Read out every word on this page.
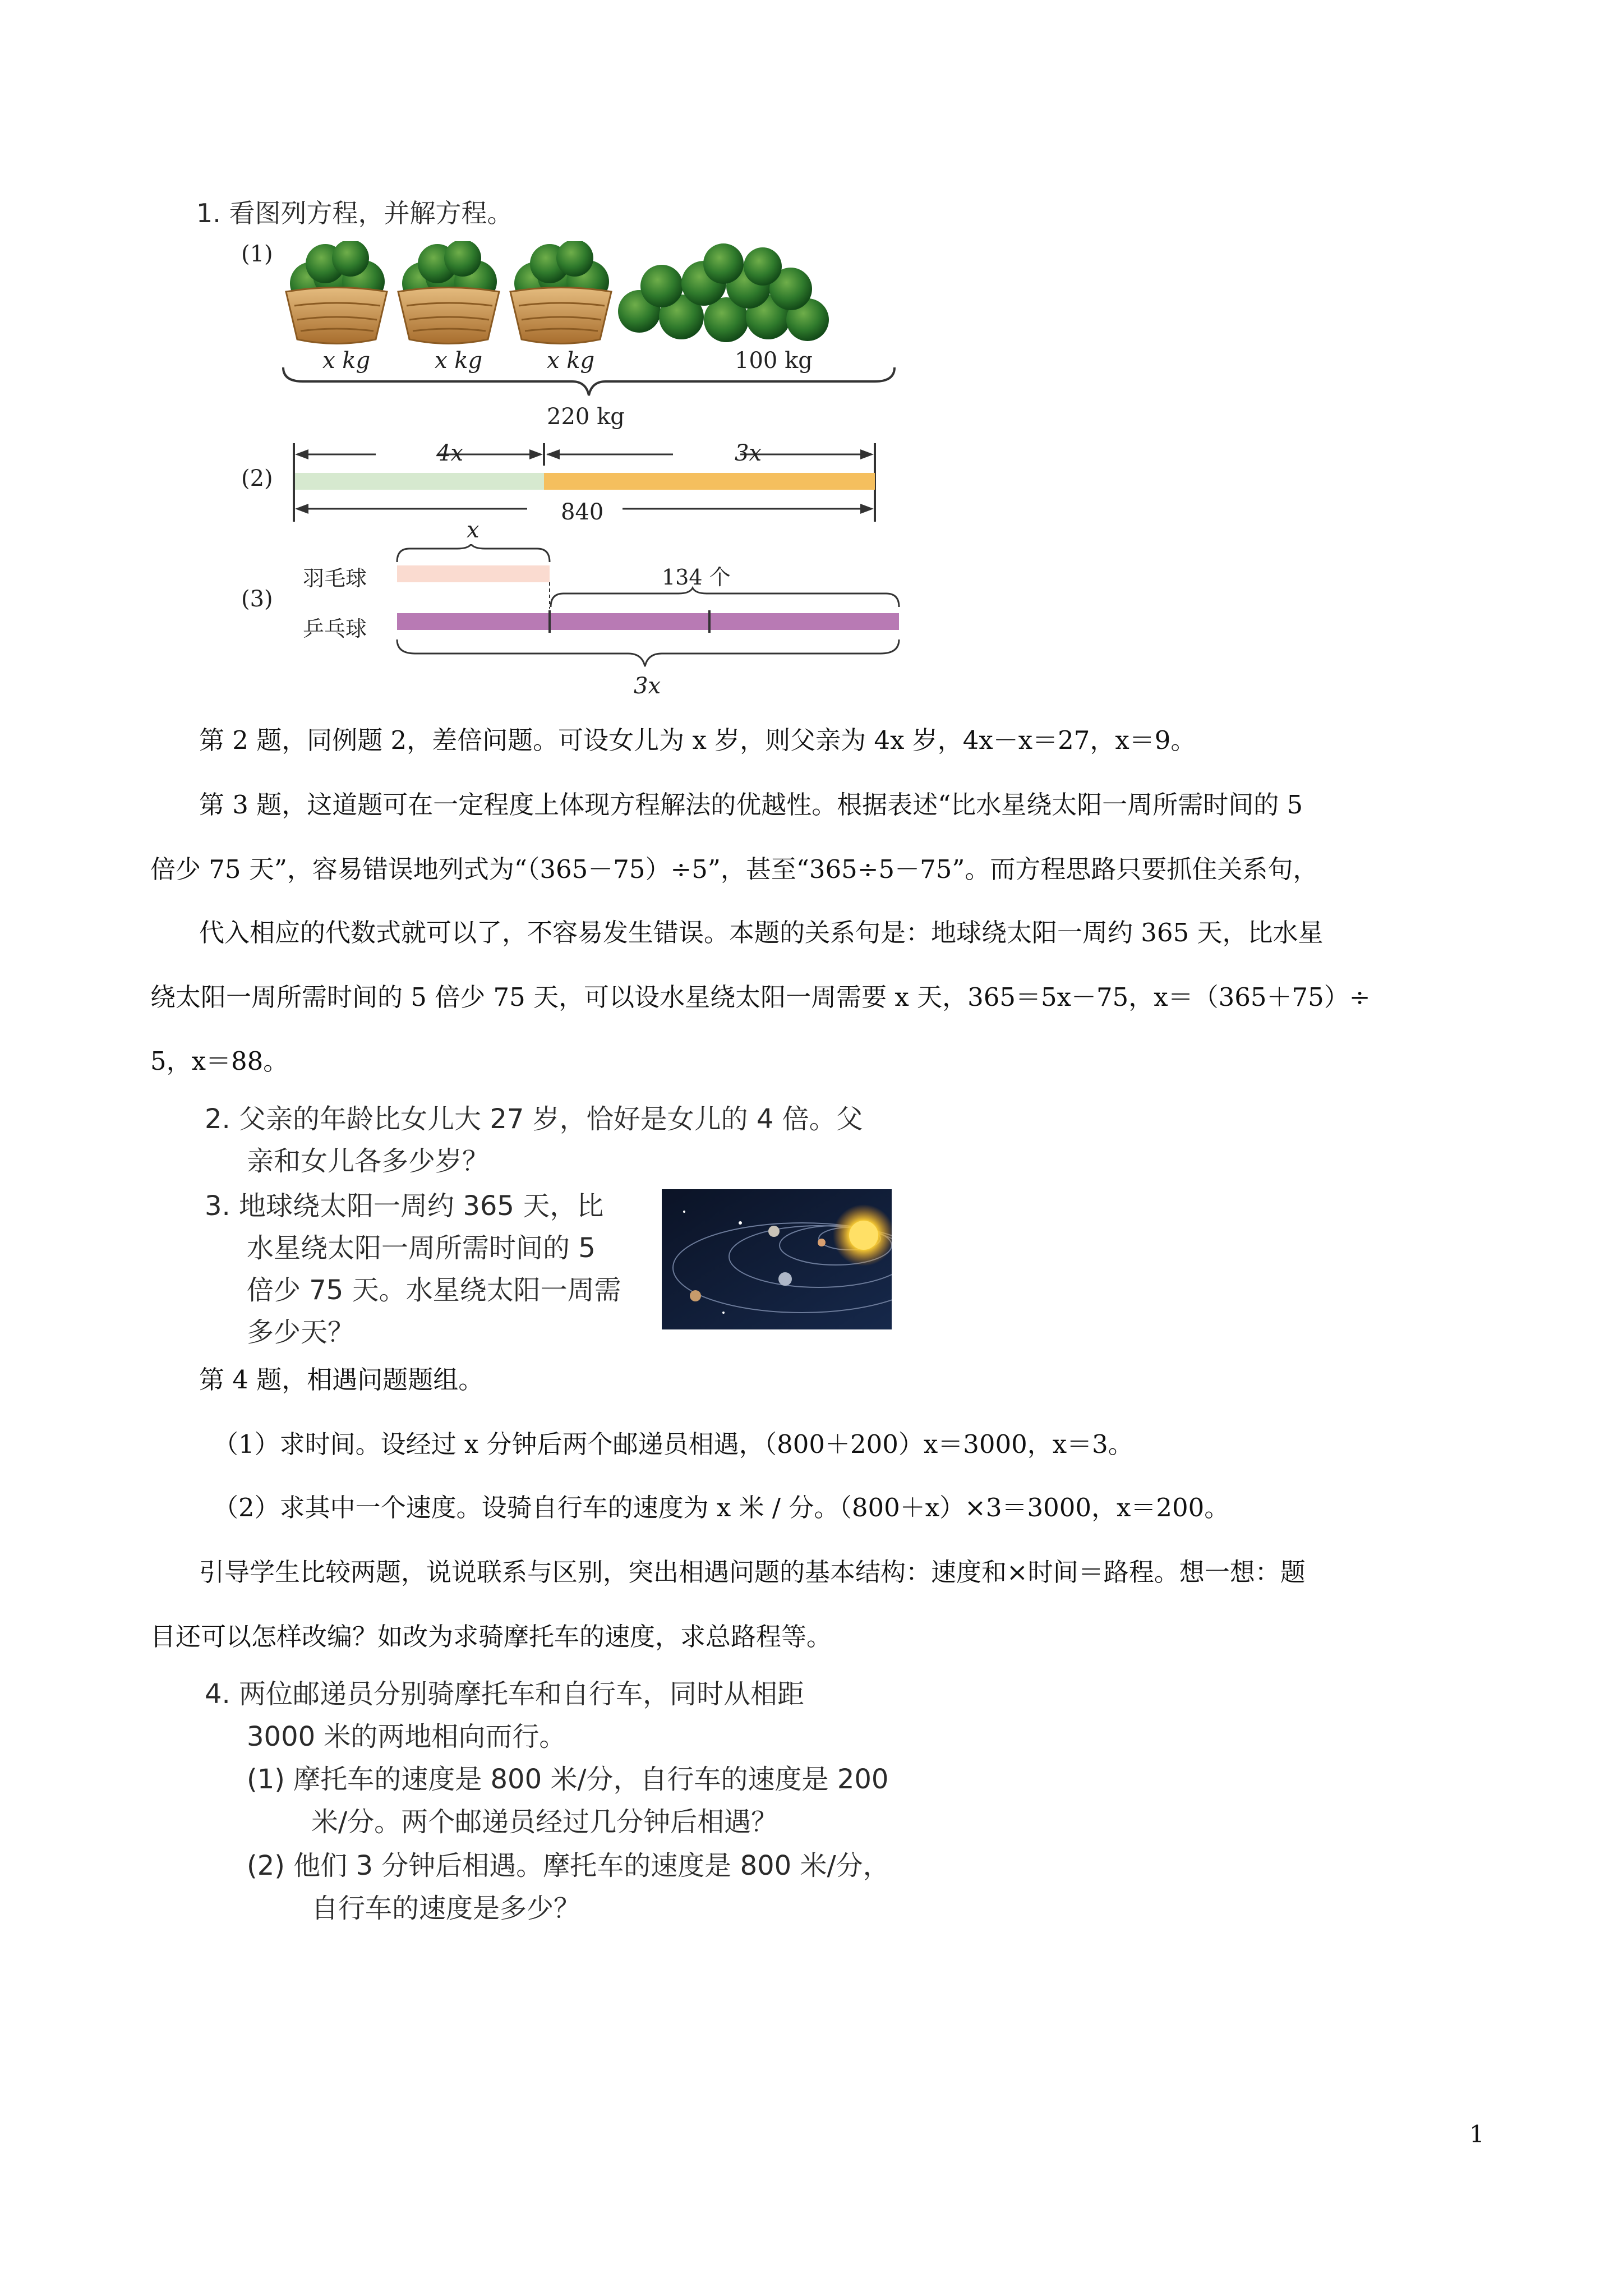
1. 看图列方程，并解方程。
(1)
x kg	x kg	x kg	100 kg
220 kg
(2)
4x	3x
840
(3)
羽毛球
乒乓球
x
134 个
3x
第 2 题，同例题 2，差倍问题。可设女儿为 x 岁，则父亲为 4x 岁，4x－x＝27，x＝9。
第 3 题，这道题可在一定程度上体现方程解法的优越性。根据表述“比水星绕太阳一周所需时间的 5
倍少 75 天”，容易错误地列式为“（365－75）÷5”，甚至“365÷5－75”。而方程思路只要抓住关系句，
代入相应的代数式就可以了，不容易发生错误。本题的关系句是：地球绕太阳一周约 365 天，比水星
绕太阳一周所需时间的 5 倍少 75 天，可以设水星绕太阳一周需要 x 天，365＝5x－75，x＝（365＋75）÷
5，x＝88。
2. 父亲的年龄比女儿大 27 岁，恰好是女儿的 4 倍。父
亲和女儿各多少岁？
3. 地球绕太阳一周约 365 天，比
水星绕太阳一周所需时间的 5
倍少 75 天。水星绕太阳一周需
多少天？
第 4 题，相遇问题题组。
（1）求时间。设经过 x 分钟后两个邮递员相遇，（800＋200）x＝3000，x＝3。
（2）求其中一个速度。设骑自行车的速度为 x 米 / 分。（800＋x）×3＝3000，x＝200。
引导学生比较两题，说说联系与区别，突出相遇问题的基本结构：速度和×时间＝路程。想一想：题
目还可以怎样改编？如改为求骑摩托车的速度，求总路程等。
4. 两位邮递员分别骑摩托车和自行车，同时从相距
3000 米的两地相向而行。
(1) 摩托车的速度是 800 米/分，自行车的速度是 200
米/分。两个邮递员经过几分钟后相遇？
(2) 他们 3 分钟后相遇。摩托车的速度是 800 米/分，
自行车的速度是多少？
1
